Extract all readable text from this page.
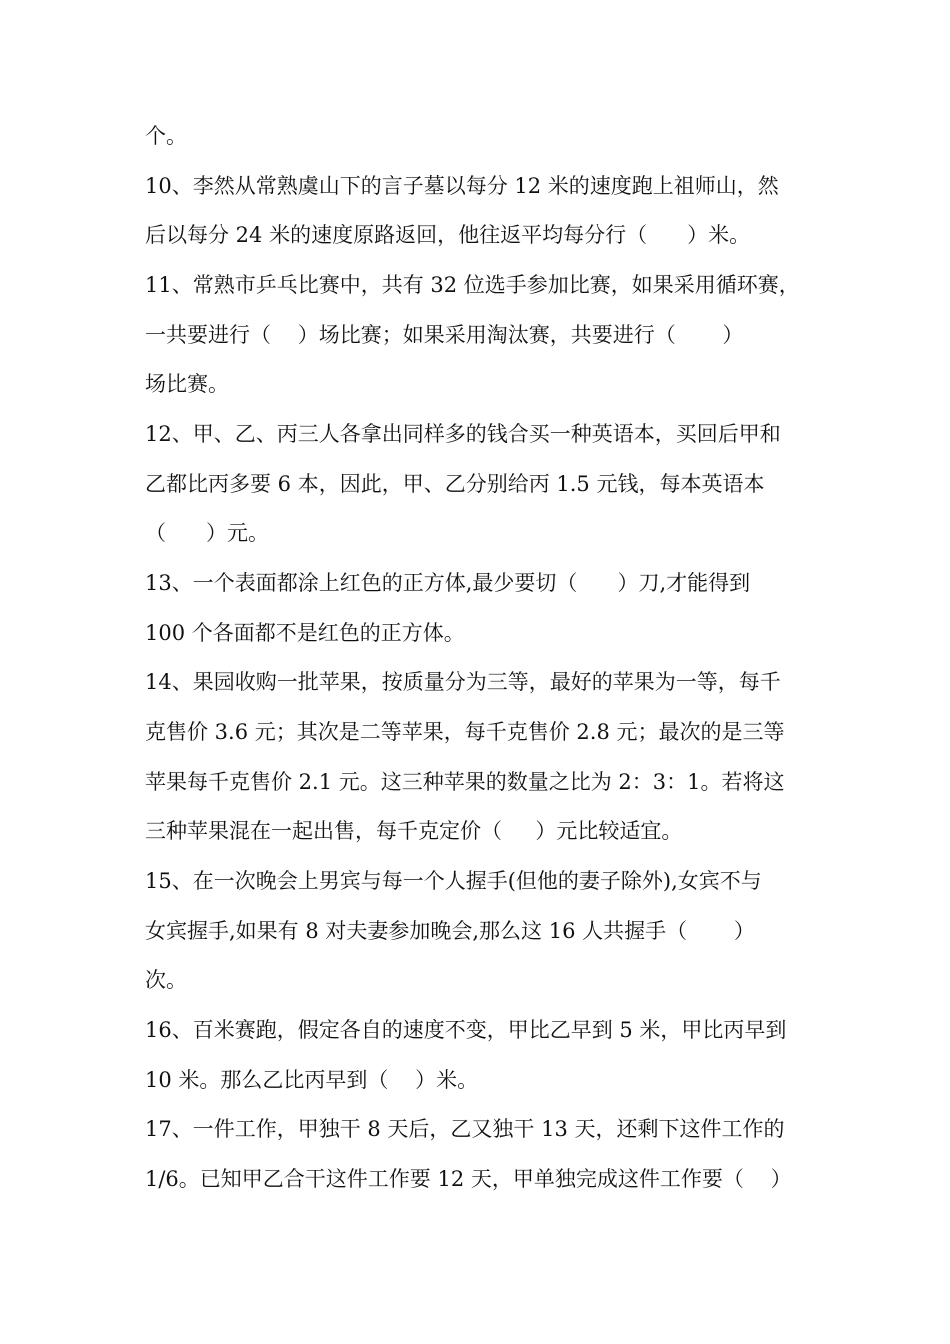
个。
10、李然从常熟虞山下的言子墓以每分 12 米的速度跑上祖师山，然
后以每分 24 米的速度原路返回，他往返平均每分行（      ）米。
11、常熟市乒乓比赛中，共有 32 位选手参加比赛，如果采用循环赛，
一共要进行（    ）场比赛；如果采用淘汰赛，共要进行（       ）
场比赛。
12、甲、乙、丙三人各拿出同样多的钱合买一种英语本，买回后甲和
乙都比丙多要 6 本，因此，甲、乙分别给丙 1.5 元钱，每本英语本
（      ）元。
13、一个表面都涂上红色的正方体,最少要切（      ）刀,才能得到
100 个各面都不是红色的正方体。
14、果园收购一批苹果，按质量分为三等，最好的苹果为一等，每千
克售价 3.6 元；其次是二等苹果，每千克售价 2.8 元；最次的是三等
苹果每千克售价 2.1 元。这三种苹果的数量之比为 2：3：1。若将这
三种苹果混在一起出售，每千克定价（     ）元比较适宜。
15、在一次晚会上男宾与每一个人握手(但他的妻子除外),女宾不与
女宾握手,如果有 8 对夫妻参加晚会,那么这 16 人共握手（       ）
次。
16、百米赛跑，假定各自的速度不变，甲比乙早到 5 米，甲比丙早到
10 米。那么乙比丙早到（    ）米。
17、一件工作，甲独干 8 天后，乙又独干 13 天，还剩下这件工作的
1/6。已知甲乙合干这件工作要 12 天，甲单独完成这件工作要（    ）
